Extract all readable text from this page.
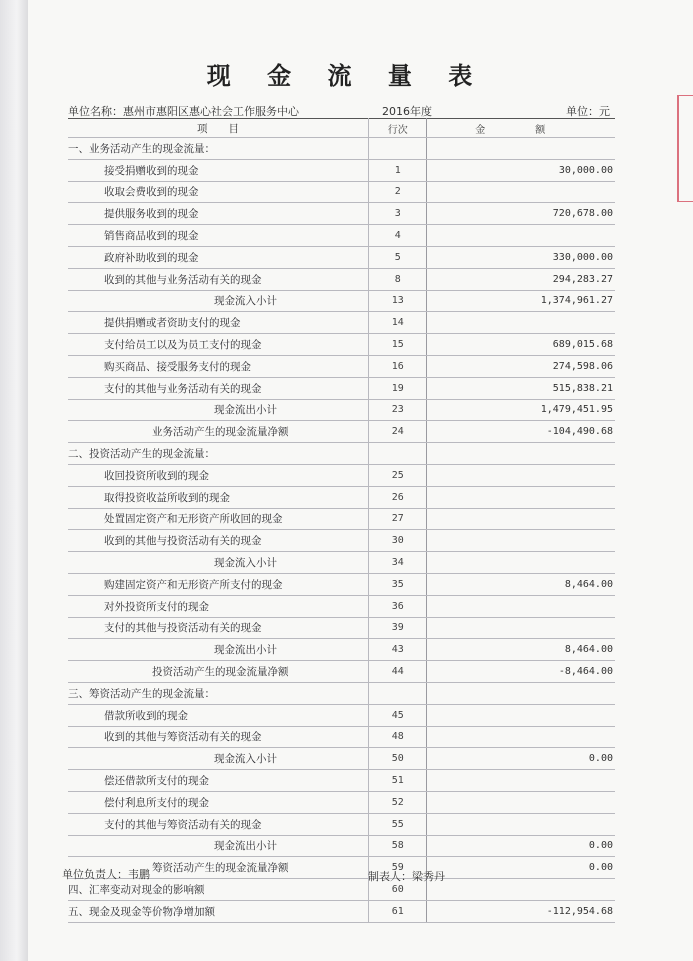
现 金 流 量 表
单位名称：惠州市惠阳区惠心社会工作服务中心	2016年度	单位：元
项　　目	行次	金　额
一、业务活动产生的现金流量：		
接受捐赠收到的现金	1	30,000.00
收取会费收到的现金	2	
提供服务收到的现金	3	720,678.00
销售商品收到的现金	4	
政府补助收到的现金	5	330,000.00
收到的其他与业务活动有关的现金	8	294,283.27
现金流入小计	13	1,374,961.27
提供捐赠或者资助支付的现金	14	
支付给员工以及为员工支付的现金	15	689,015.68
购买商品、接受服务支付的现金	16	274,598.06
支付的其他与业务活动有关的现金	19	515,838.21
现金流出小计	23	1,479,451.95
业务活动产生的现金流量净额	24	-104,490.68
二、投资活动产生的现金流量：		
收回投资所收到的现金	25	
取得投资收益所收到的现金	26	
处置固定资产和无形资产所收回的现金	27	
收到的其他与投资活动有关的现金	30	
现金流入小计	34	
购建固定资产和无形资产所支付的现金	35	8,464.00
对外投资所支付的现金	36	
支付的其他与投资活动有关的现金	39	
现金流出小计	43	8,464.00
投资活动产生的现金流量净额	44	-8,464.00
三、筹资活动产生的现金流量：		
借款所收到的现金	45	
收到的其他与筹资活动有关的现金	48	
现金流入小计	50	0.00
偿还借款所支付的现金	51	
偿付利息所支付的现金	52	
支付的其他与筹资活动有关的现金	55	
现金流出小计	58	0.00
筹资活动产生的现金流量净额	59	0.00
四、汇率变动对现金的影响额	60	
五、现金及现金等价物净增加额	61	-112,954.68
单位负责人：韦鹏	制表人：梁秀丹
